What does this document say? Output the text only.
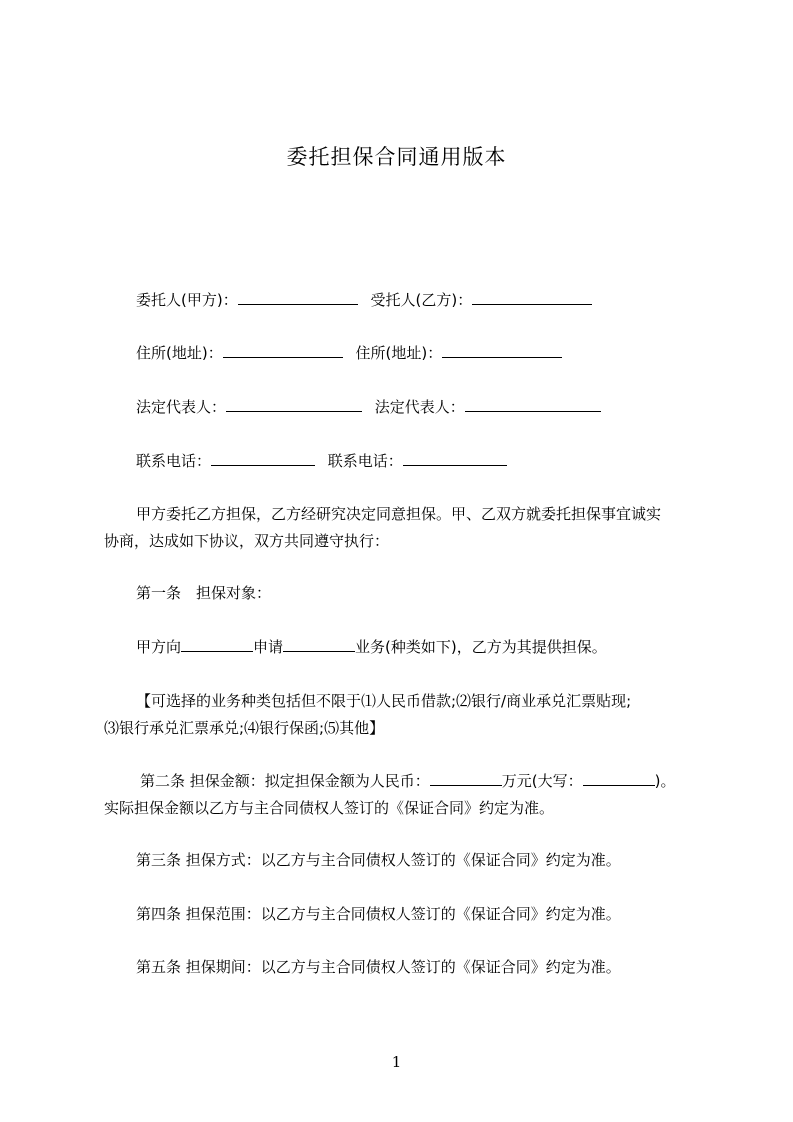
委托担保合同通用版本
委托人(甲方)：	受托人(乙方)：
住所(地址)：	住所(地址)：
法定代表人：	法定代表人：
联系电话：	联系电话：
甲方委托乙方担保，乙方经研究决定同意担保。甲、乙双方就委托担保事宜诚实
协商，达成如下协议，双方共同遵守执行：
第一条　担保对象：
甲方向	申请	业务(种类如下)，乙方为其提供担保。
【可选择的业务种类包括但不限于⑴人民币借款;⑵银行/商业承兑汇票贴现;
⑶银行承兑汇票承兑;⑷银行保函;⑸其他】
第二条 担保金额：拟定担保金额为人民币：	万元(大写：	)。
实际担保金额以乙方与主合同债权人签订的《保证合同》约定为准。
第三条 担保方式：以乙方与主合同债权人签订的《保证合同》约定为准。
第四条 担保范围：以乙方与主合同债权人签订的《保证合同》约定为准。
第五条 担保期间：以乙方与主合同债权人签订的《保证合同》约定为准。
1
